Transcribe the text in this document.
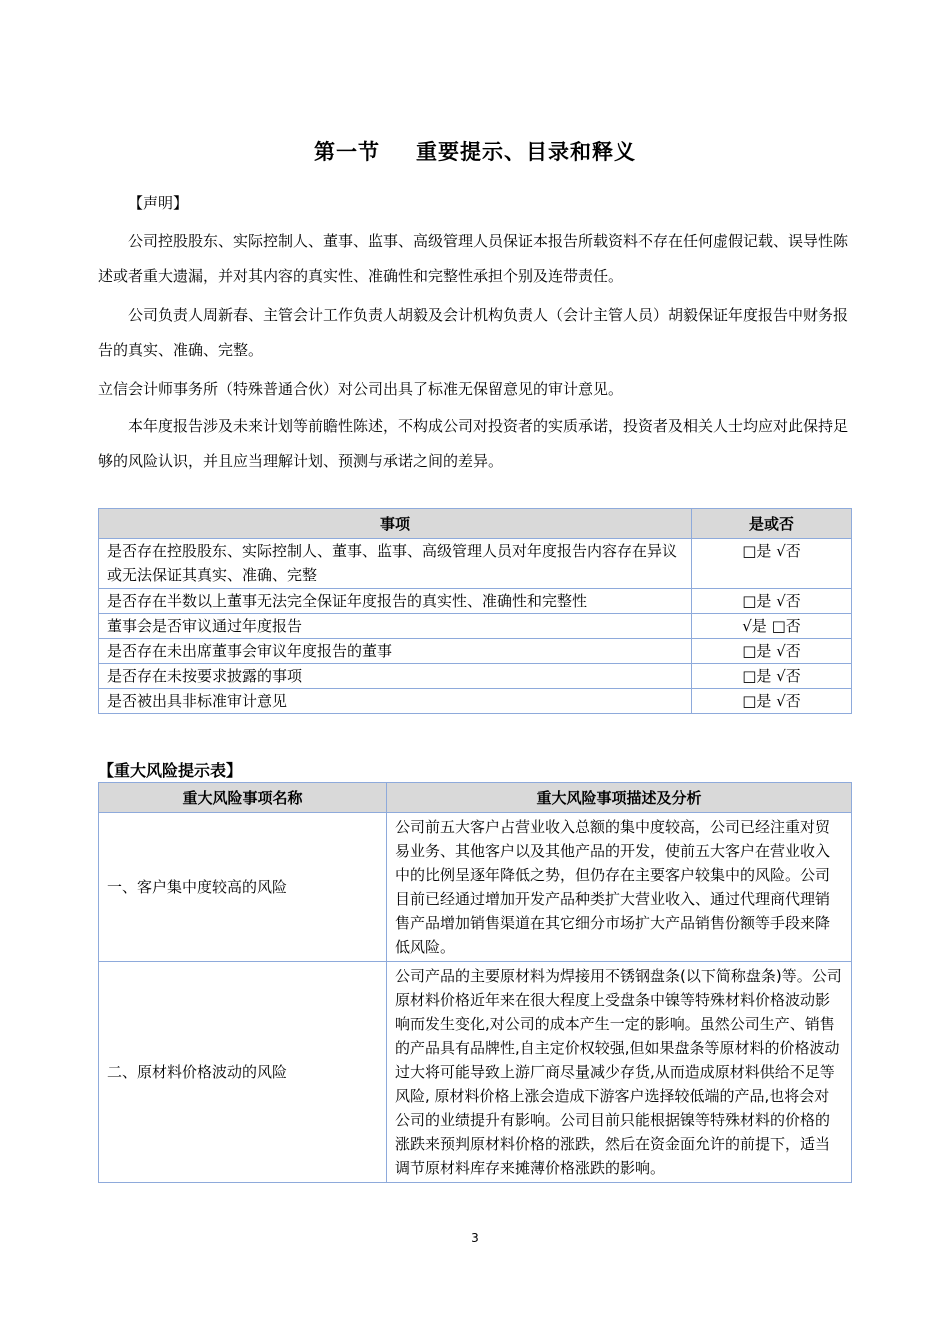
第一节 重要提示、目录和释义

【声明】

公司控股股东、实际控制人、董事、监事、高级管理人员保证本报告所载资料不存在任何虚假记载、误导性陈述或者重大遗漏，并对其内容的真实性、准确性和完整性承担个别及连带责任。

公司负责人周新春、主管会计工作负责人胡毅及会计机构负责人（会计主管人员）胡毅保证年度报告中财务报告的真实、准确、完整。

立信会计师事务所（特殊普通合伙）对公司出具了标准无保留意见的审计意见。

本年度报告涉及未来计划等前瞻性陈述，不构成公司对投资者的实质承诺，投资者及相关人士均应对此保持足够的风险认识，并且应当理解计划、预测与承诺之间的差异。

事项	是或否
是否存在控股股东、实际控制人、董事、监事、高级管理人员对年度报告内容存在异议或无法保证其真实、准确、完整	□是 √否
是否存在半数以上董事无法完全保证年度报告的真实性、准确性和完整性	□是 √否
董事会是否审议通过年度报告	√是 □否
是否存在未出席董事会审议年度报告的董事	□是 √否
是否存在未按要求披露的事项	□是 √否
是否被出具非标准审计意见	□是 √否
【重大风险提示表】
重大风险事项名称	重大风险事项描述及分析
一、客户集中度较高的风险	公司前五大客户占营业收入总额的集中度较高，公司已经注重对贸易业务、其他客户以及其他产品的开发，使前五大客户在营业收入中的比例呈逐年降低之势，但仍存在主要客户较集中的风险。公司目前已经通过增加开发产品种类扩大营业收入、通过代理商代理销售产品增加销售渠道在其它细分市场扩大产品销售份额等手段来降低风险。
二、原材料价格波动的风险	公司产品的主要原材料为焊接用不锈钢盘条(以下简称盘条)等。公司原材料价格近年来在很大程度上受盘条中镍等特殊材料价格波动影响而发生变化,对公司的成本产生一定的影响。虽然公司生产、销售的产品具有品牌性,自主定价权较强,但如果盘条等原材料的价格波动过大将可能导致上游厂商尽量减少存货,从而造成原材料供给不足等风险, 原材料价格上涨会造成下游客户选择较低端的产品,也将会对公司的业绩提升有影响。公司目前只能根据镍等特殊材料的价格的涨跌来预判原材料价格的涨跌，然后在资金面允许的前提下，适当调节原材料库存来摊薄价格涨跌的影响。
3
